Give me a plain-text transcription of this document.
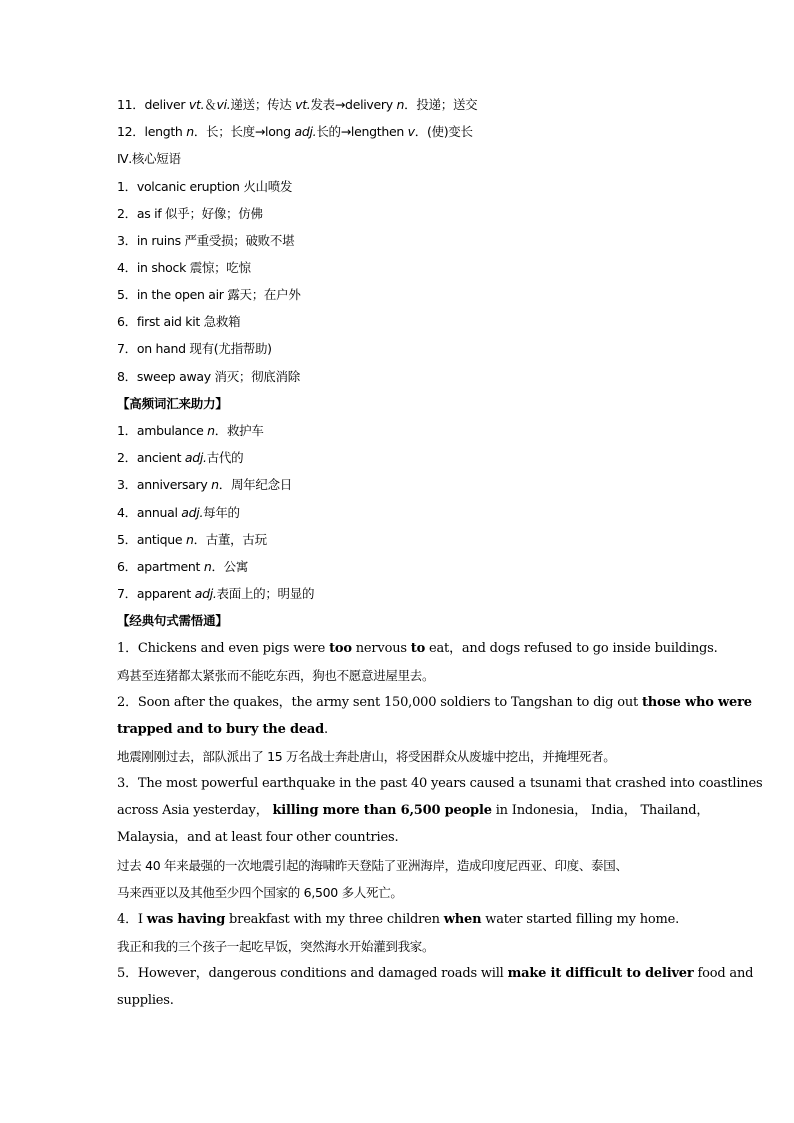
11．deliver vt.＆vi.递送；传达 vt.发表→delivery n．投递；送交
12．length n．长；长度→long adj.长的→lengthen v．(使)变长
Ⅳ.核心短语
1．volcanic eruption 火山喷发
2．as if 似乎；好像；仿佛
3．in ruins 严重受损；破败不堪
4．in shock 震惊；吃惊
5．in the open air 露天；在户外
6．first aid kit 急救箱
7．on hand 现有(尤指帮助)
8．sweep away 消灭；彻底消除
【高频词汇来助力】
1．ambulance n．救护车
2．ancient adj.古代的
3．anniversary n．周年纪念日
4．annual adj.每年的
5．antique n．古董，古玩
6．apartment n．公寓
7．apparent adj.表面上的；明显的
【经典句式需悟通】
1．Chickens and even pigs were too nervous to eat，and dogs refused to go inside buildings.
鸡甚至连猪都太紧张而不能吃东西，狗也不愿意进屋里去。
2．Soon after the quakes，the army sent 150,000 soldiers to Tangshan to dig out those who were
trapped and to bury the dead.
地震刚刚过去，部队派出了 15 万名战士奔赴唐山，将受困群众从废墟中挖出，并掩埋死者。
3．The most powerful earthquake in the past 40 years caused a tsunami that crashed into coastlines
across Asia yesterday， killing more than 6,500 people in Indonesia， India， Thailand，
Malaysia，and at least four other countries.
过去 40 年来最强的一次地震引起的海啸昨天登陆了亚洲海岸，造成印度尼西亚、印度、泰国、
马来西亚以及其他至少四个国家的 6,500 多人死亡。
4．I was having breakfast with my three children when water started filling my home.
我正和我的三个孩子一起吃早饭，突然海水开始灌到我家。
5．However，dangerous conditions and damaged roads will make it difficult to deliver food and
supplies.
